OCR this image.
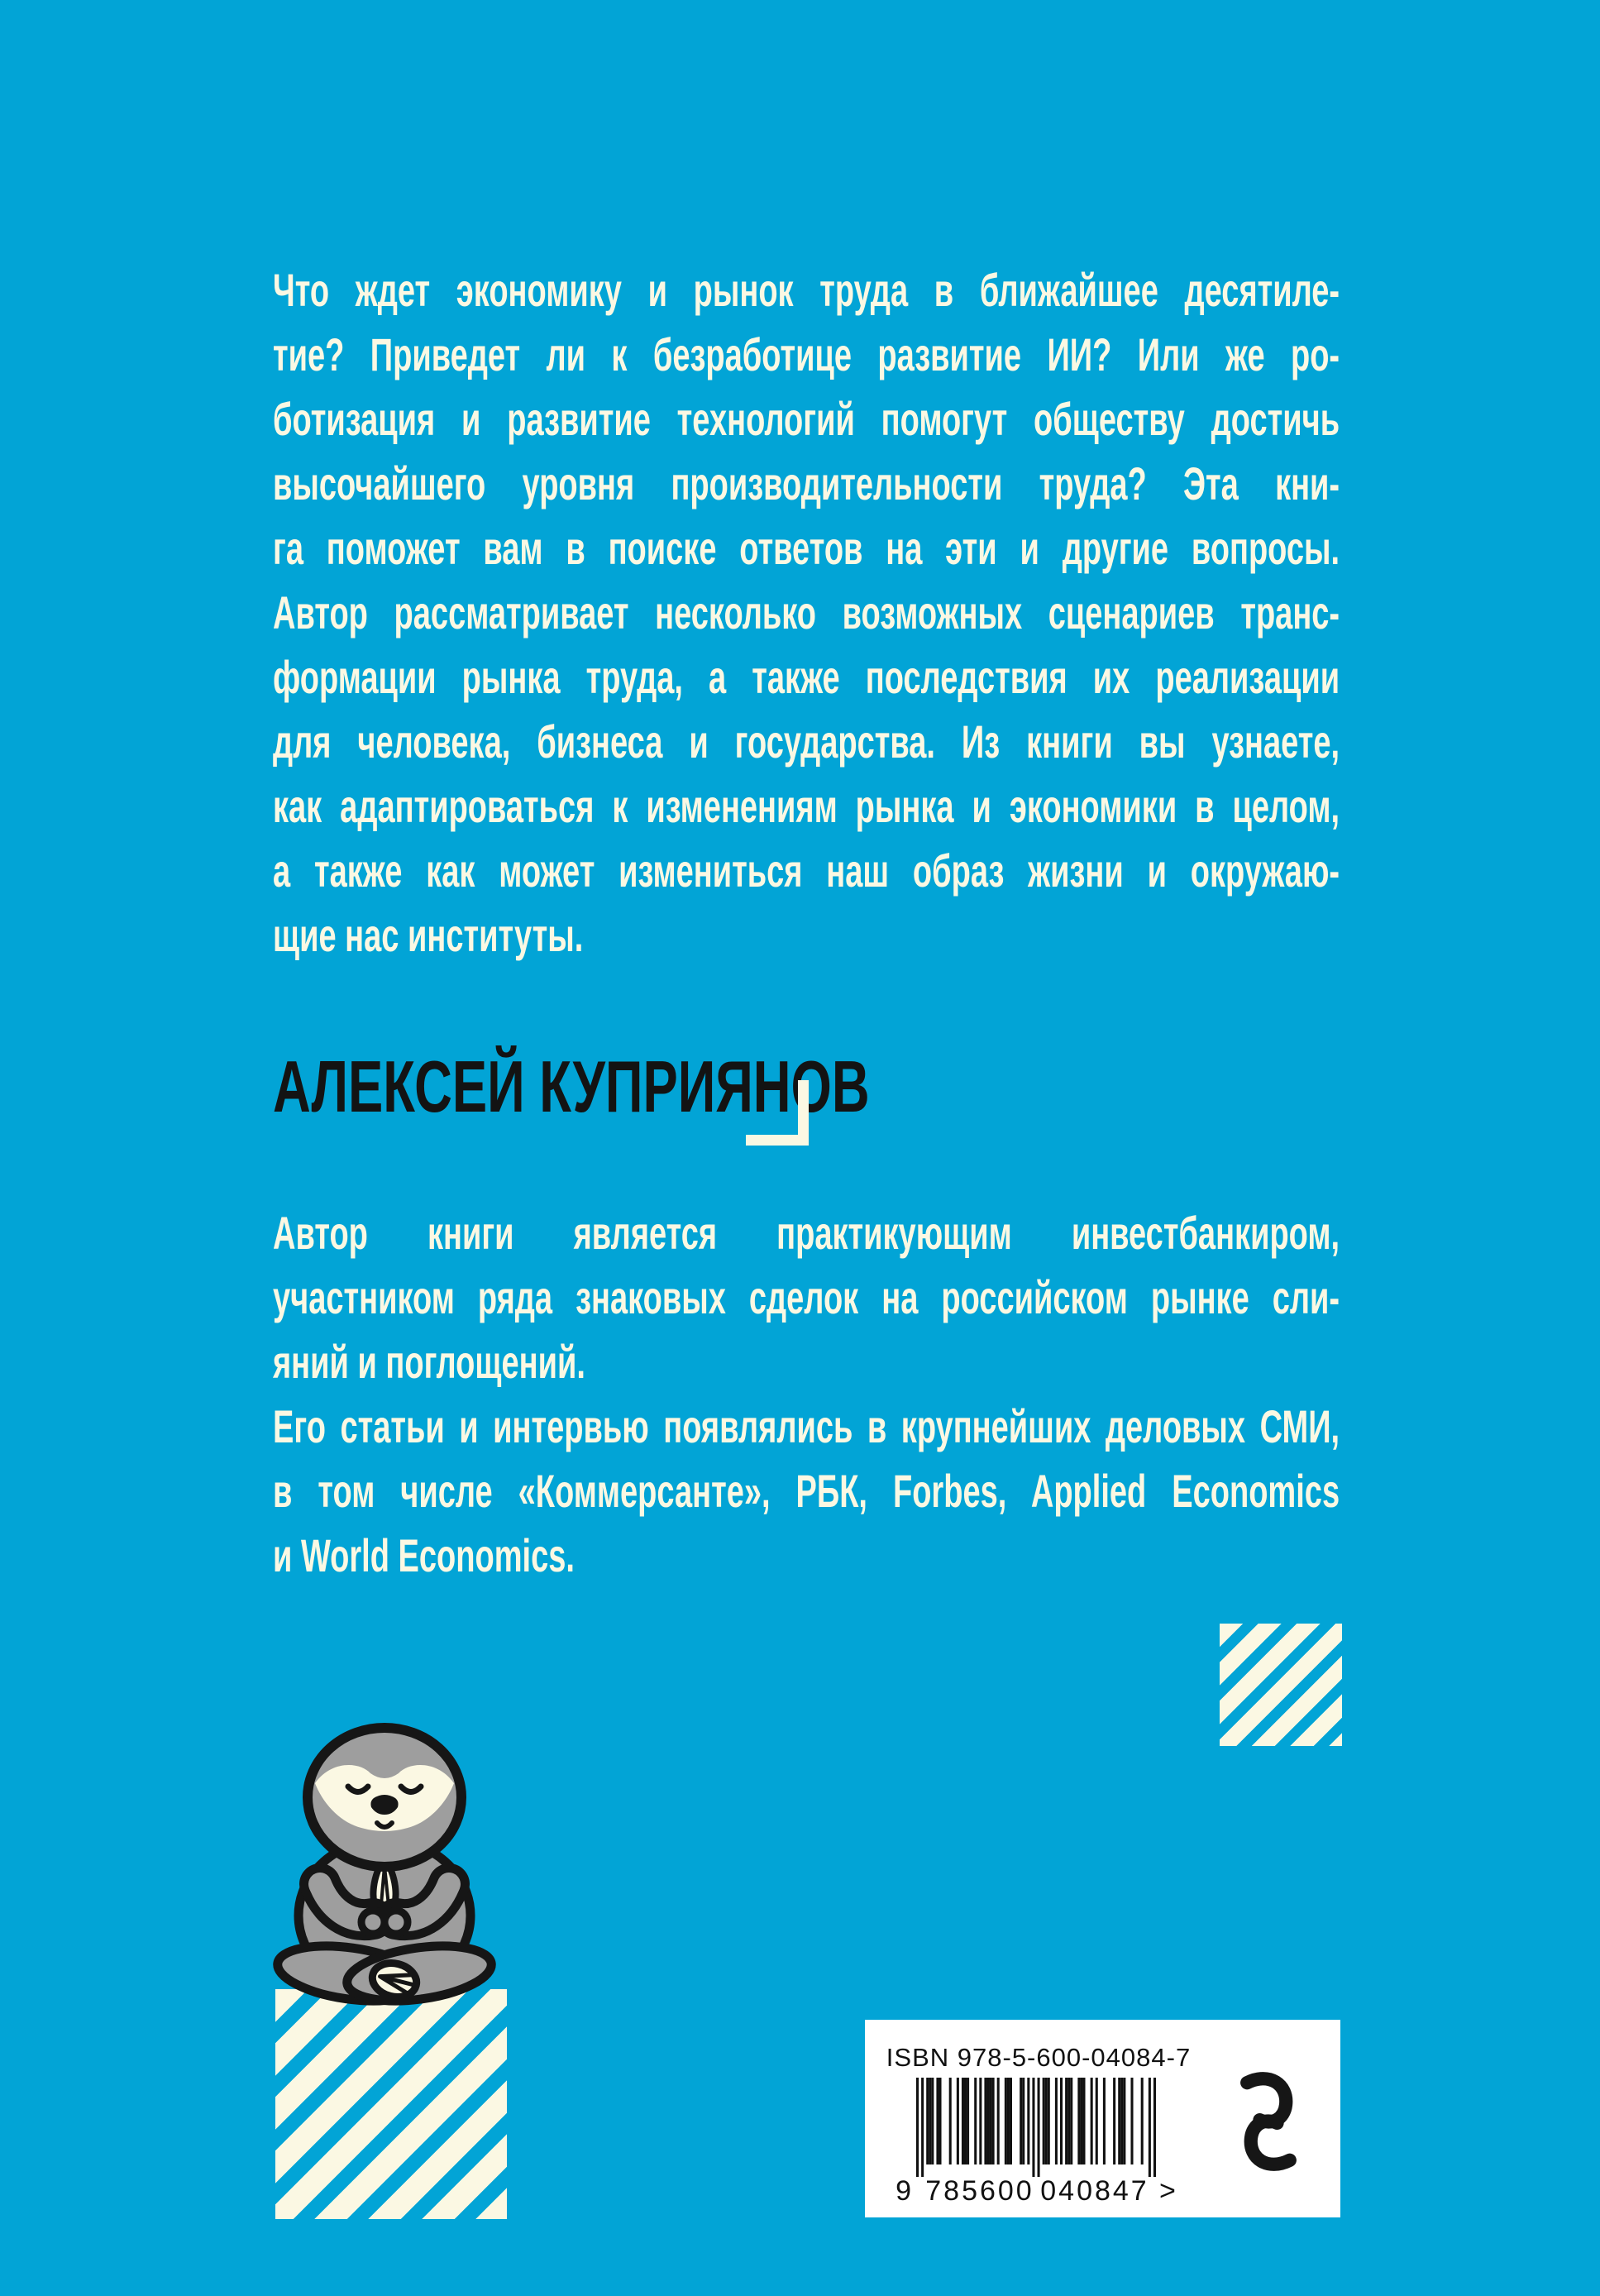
Что ждет экономику и рынок труда в ближайшее десятиле-
тие? Приведет ли к безработице развитие ИИ? Или же ро-
ботизация и развитие технологий помогут обществу достичь
высочайшего уровня производительности труда? Эта кни-
га поможет вам в поиске ответов на эти и другие вопросы.
Автор рассматривает несколько возможных сценариев транс-
формации рынка труда, а также последствия их реализации
для человека, бизнеса и государства. Из книги вы узнаете,
как адаптироваться к изменениям рынка и экономики в целом,
а также как может измениться наш образ жизни и окружаю-
щие нас институты.
АЛЕКСЕЙ КУПРИЯНОВ
Автор книги является практикующим инвестбанкиром,
участником ряда знаковых сделок на российском рынке сли-
яний и поглощений.
Его статьи и интервью появлялись в крупнейших деловых СМИ,
в том числе «Коммерсанте», РБК, Forbes, Applied Economics
и World Economics.
ISBN 978-5-600-04084-7
9 785600 040847 >
